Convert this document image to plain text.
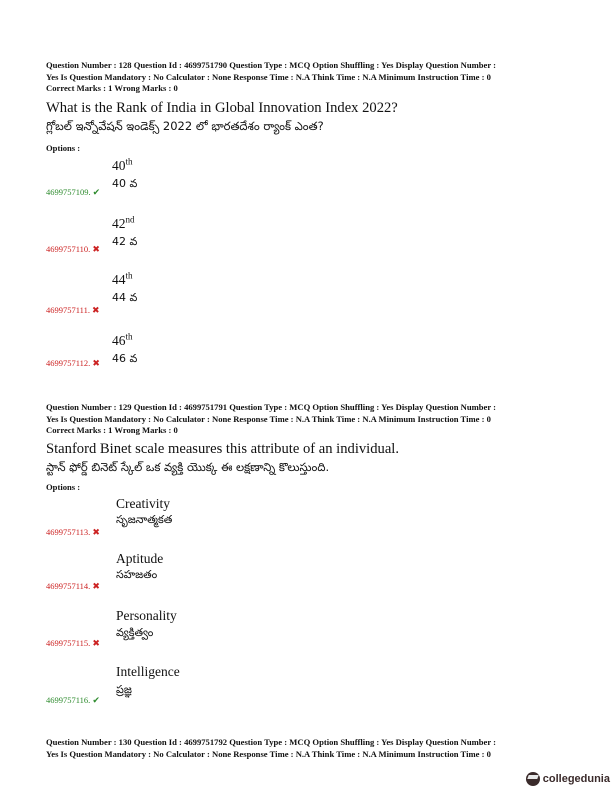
Question Number : 128 Question Id : 4699751790 Question Type : MCQ Option Shuffling : Yes Display Question Number :
Yes Is Question Mandatory : No Calculator : None Response Time : N.A Think Time : N.A Minimum Instruction Time : 0
Correct Marks : 1 Wrong Marks : 0
What is the Rank of India in Global Innovation Index 2022?
గ్లోబల్ ఇన్నోవేషన్ ఇండెక్స్ 2022 లో భారతదేశం ర్యాంక్ ఎంత?
Options :
40th
40 వ
4699757109. ✔
42nd
42 వ
4699757110. ✖
44th
44 వ
4699757111. ✖
46th
46 వ
4699757112. ✖
Question Number : 129 Question Id : 4699751791 Question Type : MCQ Option Shuffling : Yes Display Question Number :
Yes Is Question Mandatory : No Calculator : None Response Time : N.A Think Time : N.A Minimum Instruction Time : 0
Correct Marks : 1 Wrong Marks : 0
Stanford Binet scale measures this attribute of an individual.
స్టాన్ ఫోర్డ్ బినెట్ స్కేల్ ఒక వ్యక్తి యొక్క ఈ లక్షణాన్ని కొలుస్తుంది.
Options :
Creativity
సృజనాత్మకత
4699757113. ✖
Aptitude
సహజతం
4699757114. ✖
Personality
వ్యక్తిత్వం
4699757115. ✖
Intelligence
ప్రజ్ఞ
4699757116. ✔
Question Number : 130 Question Id : 4699751792 Question Type : MCQ Option Shuffling : Yes Display Question Number :
Yes Is Question Mandatory : No Calculator : None Response Time : N.A Think Time : N.A Minimum Instruction Time : 0
collegedunia
